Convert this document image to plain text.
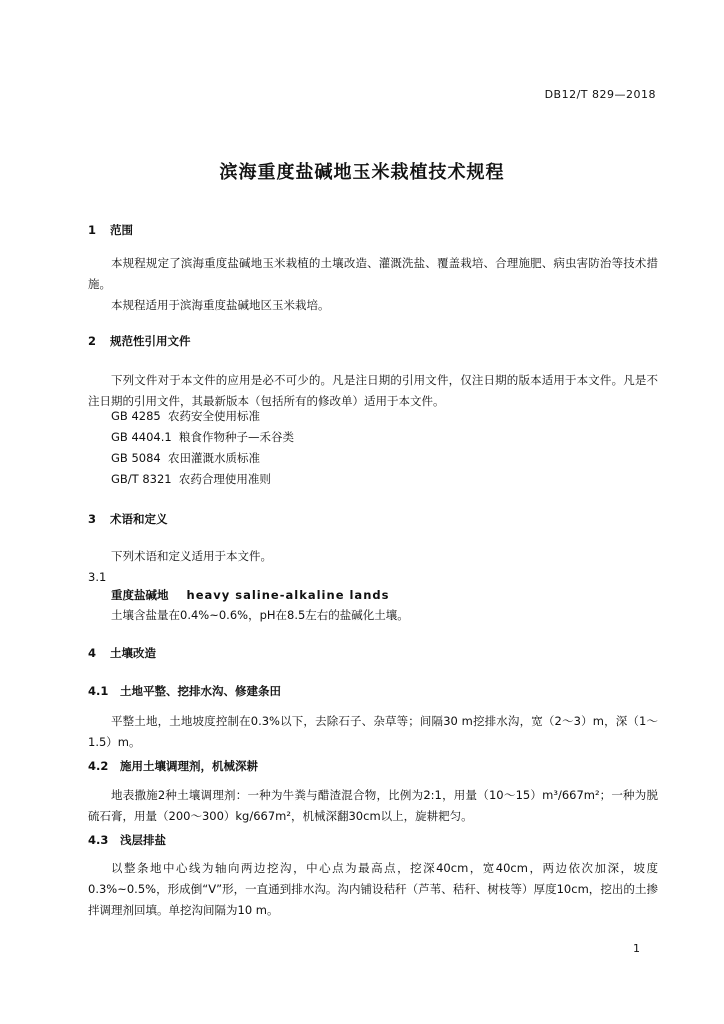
DB12/T 829—2018
滨海重度盐碱地玉米栽植技术规程
1 范围
本规程规定了滨海重度盐碱地玉米栽植的土壤改造、灌溉洗盐、覆盖栽培、合理施肥、病虫害防治等技术措施。
本规程适用于滨海重度盐碱地区玉米栽培。
2 规范性引用文件
下列文件对于本文件的应用是必不可少的。凡是注日期的引用文件，仅注日期的版本适用于本文件。凡是不注日期的引用文件，其最新版本（包括所有的修改单）适用于本文件。
GB 4285  农药安全使用标准
GB 4404.1  粮食作物种子—禾谷类
GB 5084  农田灌溉水质标准
GB/T 8321  农药合理使用准则
3 术语和定义
下列术语和定义适用于本文件。
3.1
重度盐碱地 heavy saline-alkaline lands
土壤含盐量在0.4%~0.6%，pH在8.5左右的盐碱化土壤。
4 土壤改造
4.1 土地平整、挖排水沟、修建条田
平整土地，土地坡度控制在0.3%以下，去除石子、杂草等；间隔30 m挖排水沟，宽（2～3）m，深（1～1.5）m。
4.2 施用土壤调理剂，机械深耕
地表撒施2种土壤调理剂：一种为牛粪与醋渣混合物，比例为2:1，用量（10～15）m³/667m²；一种为脱硫石膏，用量（200～300）kg/667m²，机械深翻30cm以上，旋耕耙匀。
4.3 浅层排盐
以整条地中心线为轴向两边挖沟，中心点为最高点，挖深40cm，宽40cm，两边依次加深，坡度0.3%~0.5%，形成倒“V”形，一直通到排水沟。沟内铺设秸秆（芦苇、秸秆、树枝等）厚度10cm，挖出的土掺拌调理剂回填。单挖沟间隔为10 m。
1
